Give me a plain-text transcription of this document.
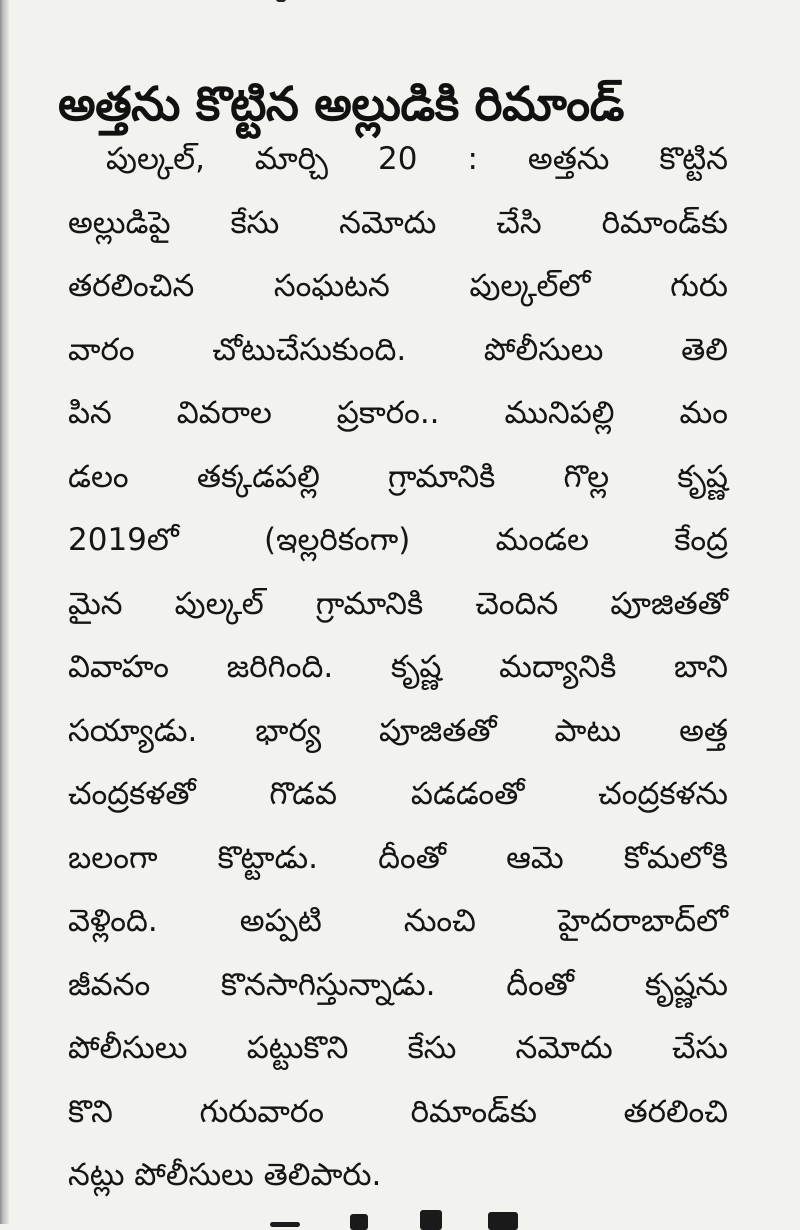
అత్తను కొట్టిన అల్లుడికి రిమాండ్
పుల్కల్, మార్చి 20 : అత్తను కొట్టిన
అల్లుడిపై కేసు నమోదు చేసి రిమాండ్‌కు
తరలించిన సంఘటన పుల్కల్‌లో గురు
వారం చోటుచేసుకుంది. పోలీసులు తెలి
పిన వివరాల ప్రకారం.. మునిపల్లి మం
డలం తక్కడపల్లి గ్రామానికి గొల్ల కృష్ణ
2019లో (ఇల్లరికంగా) మండల కేంద్ర
మైన పుల్కల్ గ్రామానికి చెందిన పూజితతో
వివాహం జరిగింది. కృష్ణ మద్యానికి బాని
సయ్యాడు. భార్య పూజితతో పాటు అత్త
చంద్రకళతో గొడవ పడడంతో చంద్రకళను
బలంగా కొట్టాడు. దీంతో ఆమె కోమలోకి
వెళ్లింది. అప్పటి నుంచి హైదరాబాద్‌లో
జీవనం కొనసాగిస్తున్నాడు. దీంతో కృష్ణను
పోలీసులు పట్టుకొని కేసు నమోదు చేసు
కొని గురువారం రిమాండ్‌కు తరలించి
నట్లు పోలీసులు తెలిపారు.
